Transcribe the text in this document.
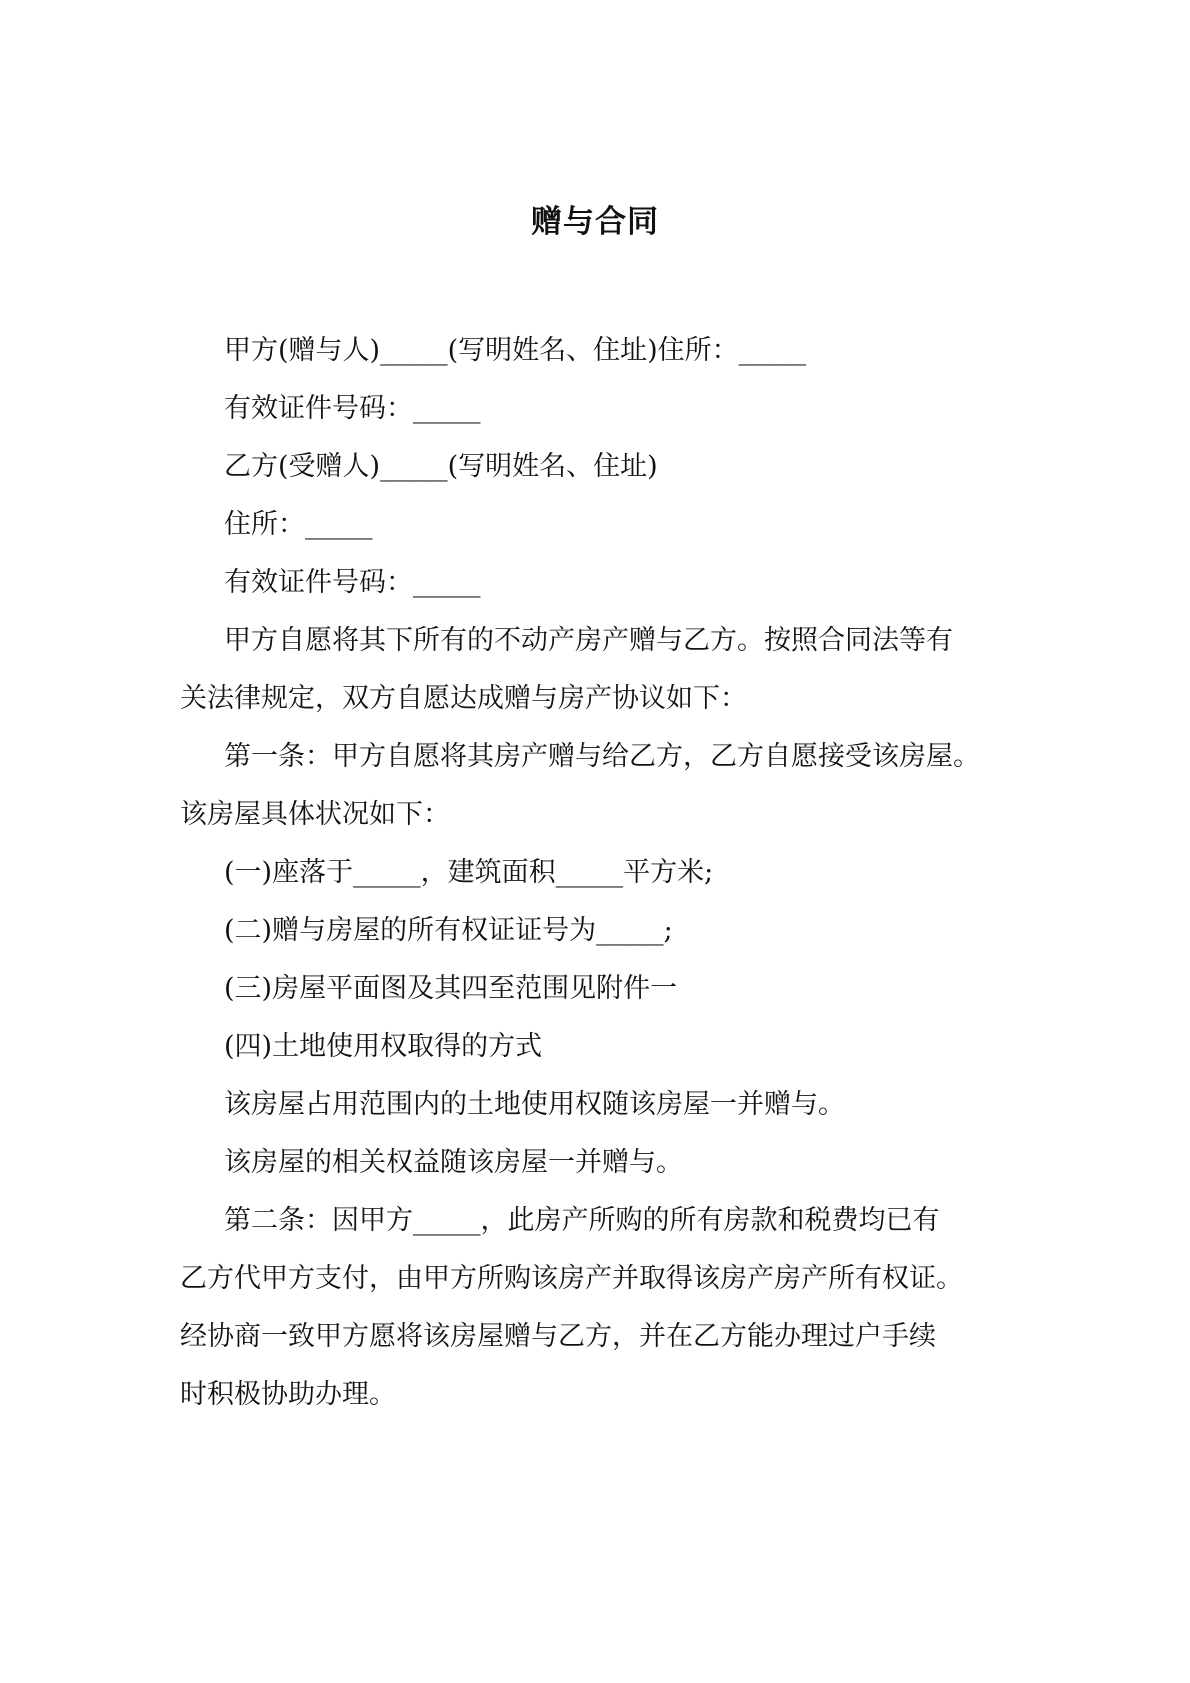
赠与合同

甲方(赠与人)_____(写明姓名、住址)住所：_____

有效证件号码：_____

乙方(受赠人)_____(写明姓名、住址)

住所：_____

有效证件号码：_____

甲方自愿将其下所有的不动产房产赠与乙方。按照合同法等有

关法律规定，双方自愿达成赠与房产协议如下：

第一条：甲方自愿将其房产赠与给乙方，乙方自愿接受该房屋。

该房屋具体状况如下：

(一)座落于_____，建筑面积_____平方米;

(二)赠与房屋的所有权证证号为_____;

(三)房屋平面图及其四至范围见附件一

(四)土地使用权取得的方式

该房屋占用范围内的土地使用权随该房屋一并赠与。

该房屋的相关权益随该房屋一并赠与。

第二条：因甲方_____，此房产所购的所有房款和税费均已有

乙方代甲方支付，由甲方所购该房产并取得该房产房产所有权证。

经协商一致甲方愿将该房屋赠与乙方，并在乙方能办理过户手续

时积极协助办理。
